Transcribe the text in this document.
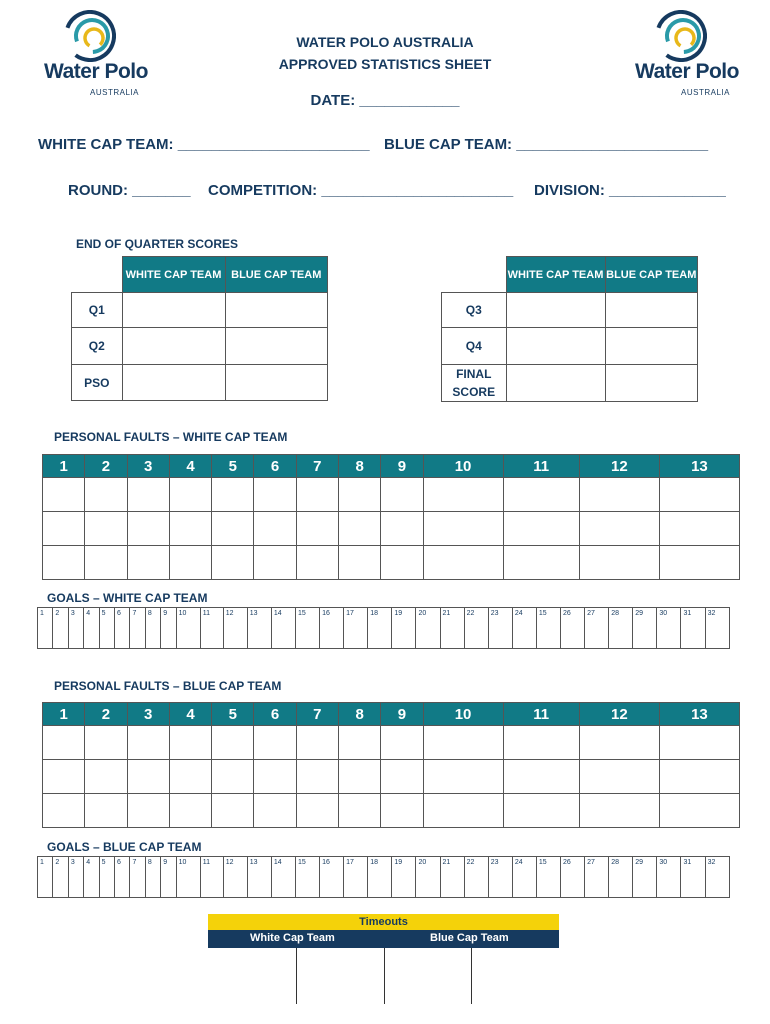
Water Polo
AUSTRALIA
Water Polo
AUSTRALIA
WATER POLO AUSTRALIA
APPROVED STATISTICS SHEET
DATE: ____________
WHITE CAP TEAM: _______________________ BLUE CAP TEAM: _______________________
ROUND: _______ COMPETITION: _______________________ DIVISION: ______________
END OF QUARTER SCORES
	WHITE CAP TEAM	BLUE CAP TEAM
Q1		
Q2		
PSO		
	WHITE CAP TEAM	BLUE CAP TEAM
Q3		
Q4		
FINAL SCORE		
PERSONAL FAULTS – WHITE CAP TEAM
1	2	3	4	5	6	7	8	9	10	11	12	13

GOALS – WHITE CAP TEAM
1	2	3	4	5	6	7	8	9	10	11	12	13	14	15	16	17	18	19	20	21	22	23	24	15	26	27	28	29	30	31	32
PERSONAL FAULTS – BLUE CAP TEAM
1	2	3	4	5	6	7	8	9	10	11	12	13

GOALS – BLUE CAP TEAM
1	2	3	4	5	6	7	8	9	10	11	12	13	14	15	16	17	18	19	20	21	22	23	24	15	26	27	28	29	30	31	32
Timeouts
White Cap Team	Blue Cap Team
